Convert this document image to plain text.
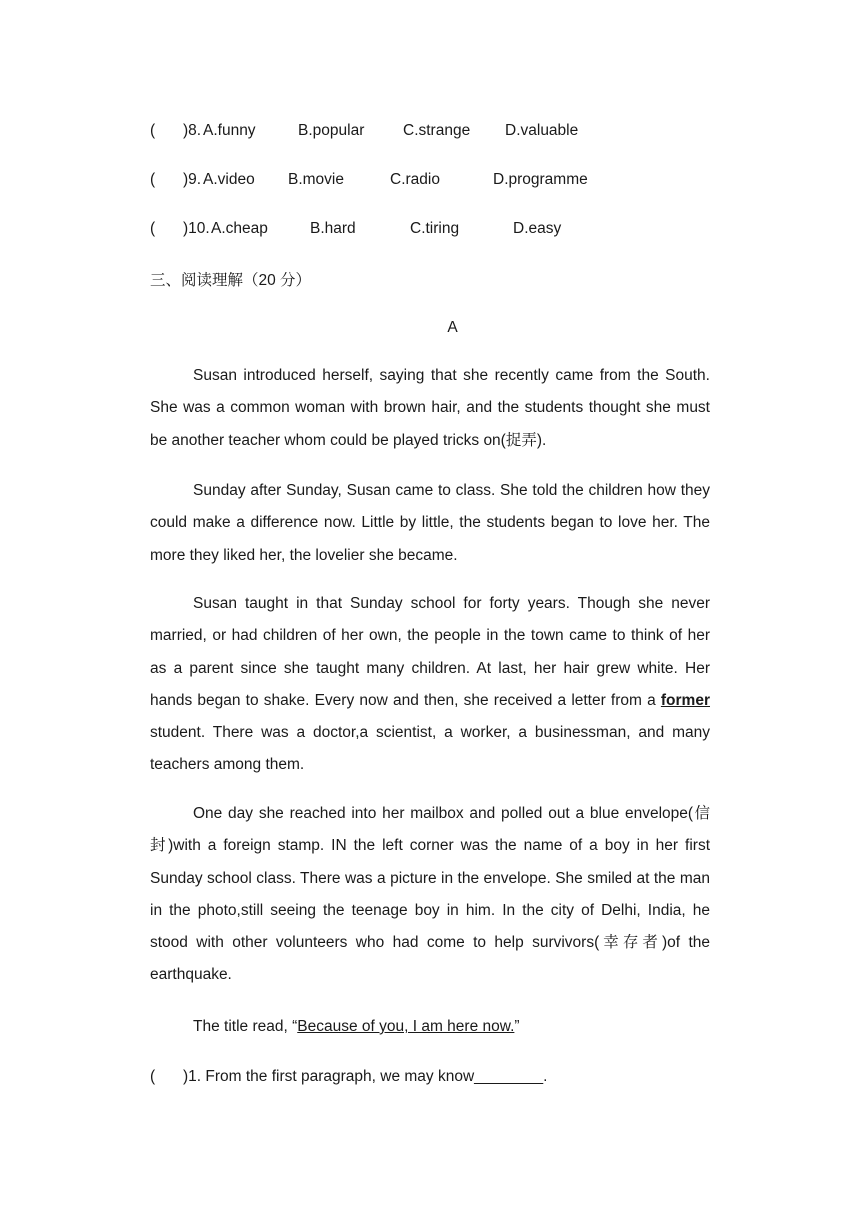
( )8. A.funny	B.popular C.strange D.valuable
( )9. A.video B.movie	C.radio	D.programme
( )10. A.cheap	B.hard	C.tiring	D.easy
三、阅读理解（20 分）
A
Susan introduced herself, saying that she recently came from the South. She was a common woman with brown hair, and the students thought she must be another teacher whom could be played tricks on(捉弄).
Sunday after Sunday, Susan came to class. She told the children how they could make a difference now. Little by little, the students began to love her. The more they liked her, the lovelier she became.
Susan taught in that Sunday school for forty years. Though she never married, or had children of her own, the people in the town came to think of her as a parent since she taught many children. At last, her hair grew white. Her hands began to shake. Every now and then, she received a letter from a former student. There was a doctor,a scientist, a worker, a businessman, and many teachers among them.
One day she reached into her mailbox and polled out a blue envelope(信封)with a foreign stamp. IN the left corner was the name of a boy in her first Sunday school class. There was a picture in the envelope. She smiled at the man in the photo,still seeing the teenage boy in him. In the city of Delhi, India, he stood with other volunteers who had come to help survivors(幸存者)of the earthquake.
The title read, “Because of you, I am here now.”
( )1. From the first paragraph, we may know________.
